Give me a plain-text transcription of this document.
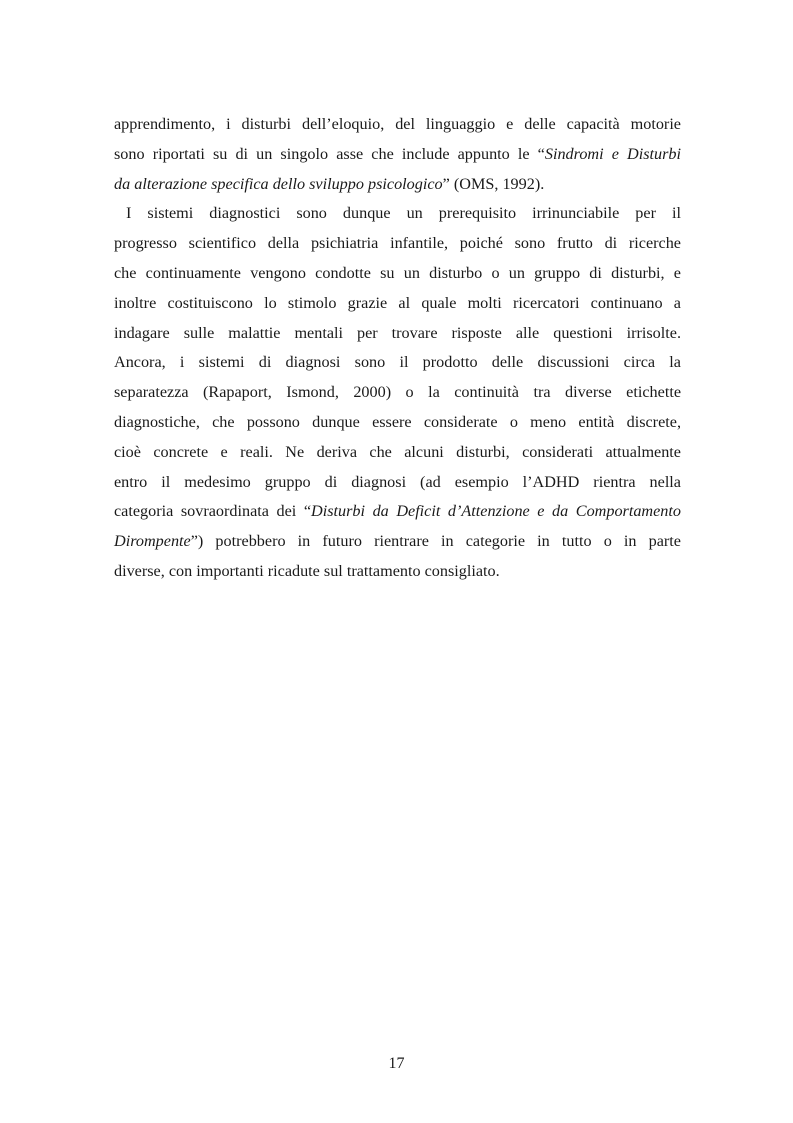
apprendimento, i disturbi dell’eloquio, del linguaggio e delle capacità motorie
sono riportati su di un singolo asse che include appunto le “Sindromi e Disturbi
da alterazione specifica dello sviluppo psicologico” (OMS, 1992).

I sistemi diagnostici sono dunque un prerequisito irrinunciabile per il
progresso scientifico della psichiatria infantile, poiché sono frutto di ricerche
che continuamente vengono condotte su un disturbo o un gruppo di disturbi, e
inoltre costituiscono lo stimolo grazie al quale molti ricercatori continuano a
indagare sulle malattie mentali per trovare risposte alle questioni irrisolte.
Ancora, i sistemi di diagnosi sono il prodotto delle discussioni circa la
separatezza (Rapaport, Ismond, 2000) o la continuità tra diverse etichette
diagnostiche, che possono dunque essere considerate o meno entità discrete,
cioè concrete e reali. Ne deriva che alcuni disturbi, considerati attualmente
entro il medesimo gruppo di diagnosi (ad esempio l’ADHD rientra nella
categoria sovraordinata dei “Disturbi da Deficit d’Attenzione e da Comportamento
Dirompente”) potrebbero in futuro rientrare in categorie in tutto o in parte
diverse, con importanti ricadute sul trattamento consigliato.

17
